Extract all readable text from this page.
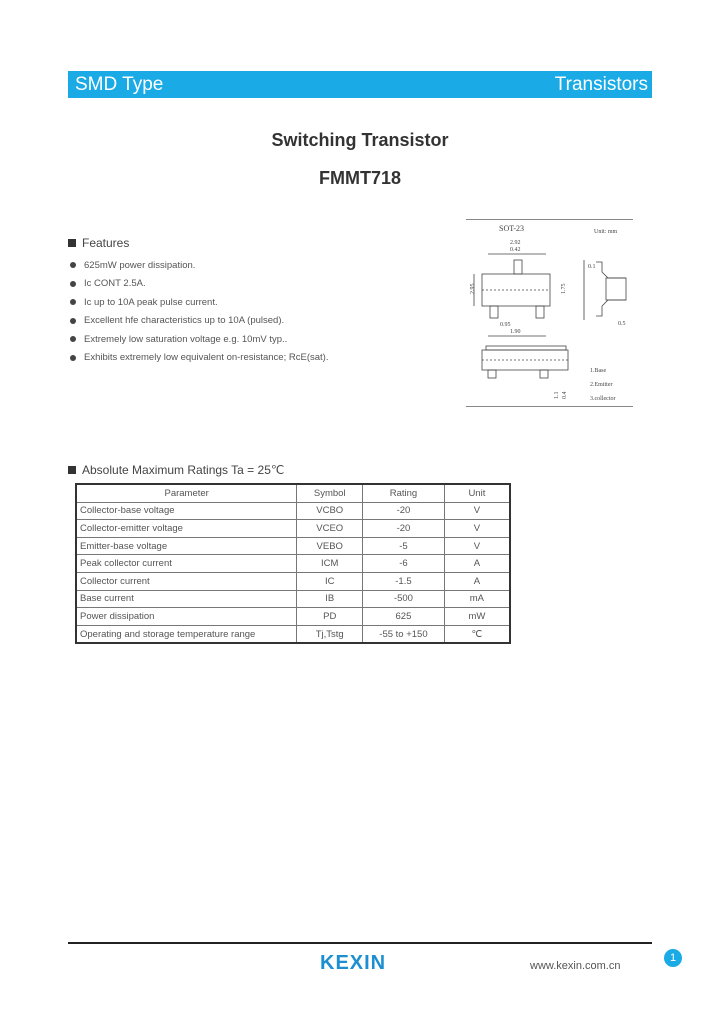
SMD Type	Transistors
Switching Transistor
FMMT718
Features
625mW power dissipation.
Ic CONT 2.5A.
Ic up to 10A peak pulse current.
Excellent hfe characteristics up to 10A (pulsed).
Extremely low saturation voltage e.g. 10mV typ..
Exhibits extremely low equivalent on-resistance; RcE(sat).
SOT-23	Unit: mm
2.92
0.42
2.95	1.75
0.95
1.90
0.1
0.5
1.1 0.4
1.Base
2.Emitter
3.collector
Absolute Maximum Ratings Ta = 25℃
Parameter	Symbol	Rating	Unit
Collector-base voltage	VCBO	-20	V
Collector-emitter voltage	VCEO	-20	V
Emitter-base voltage	VEBO	-5	V
Peak collector current	ICM	-6	A
Collector current	IC	-1.5	A
Base current	IB	-500	mA
Power dissipation	PD	625	mW
Operating and storage temperature range	Tj,Tstg	-55 to +150	℃
KEXIN	www.kexin.com.cn
1
